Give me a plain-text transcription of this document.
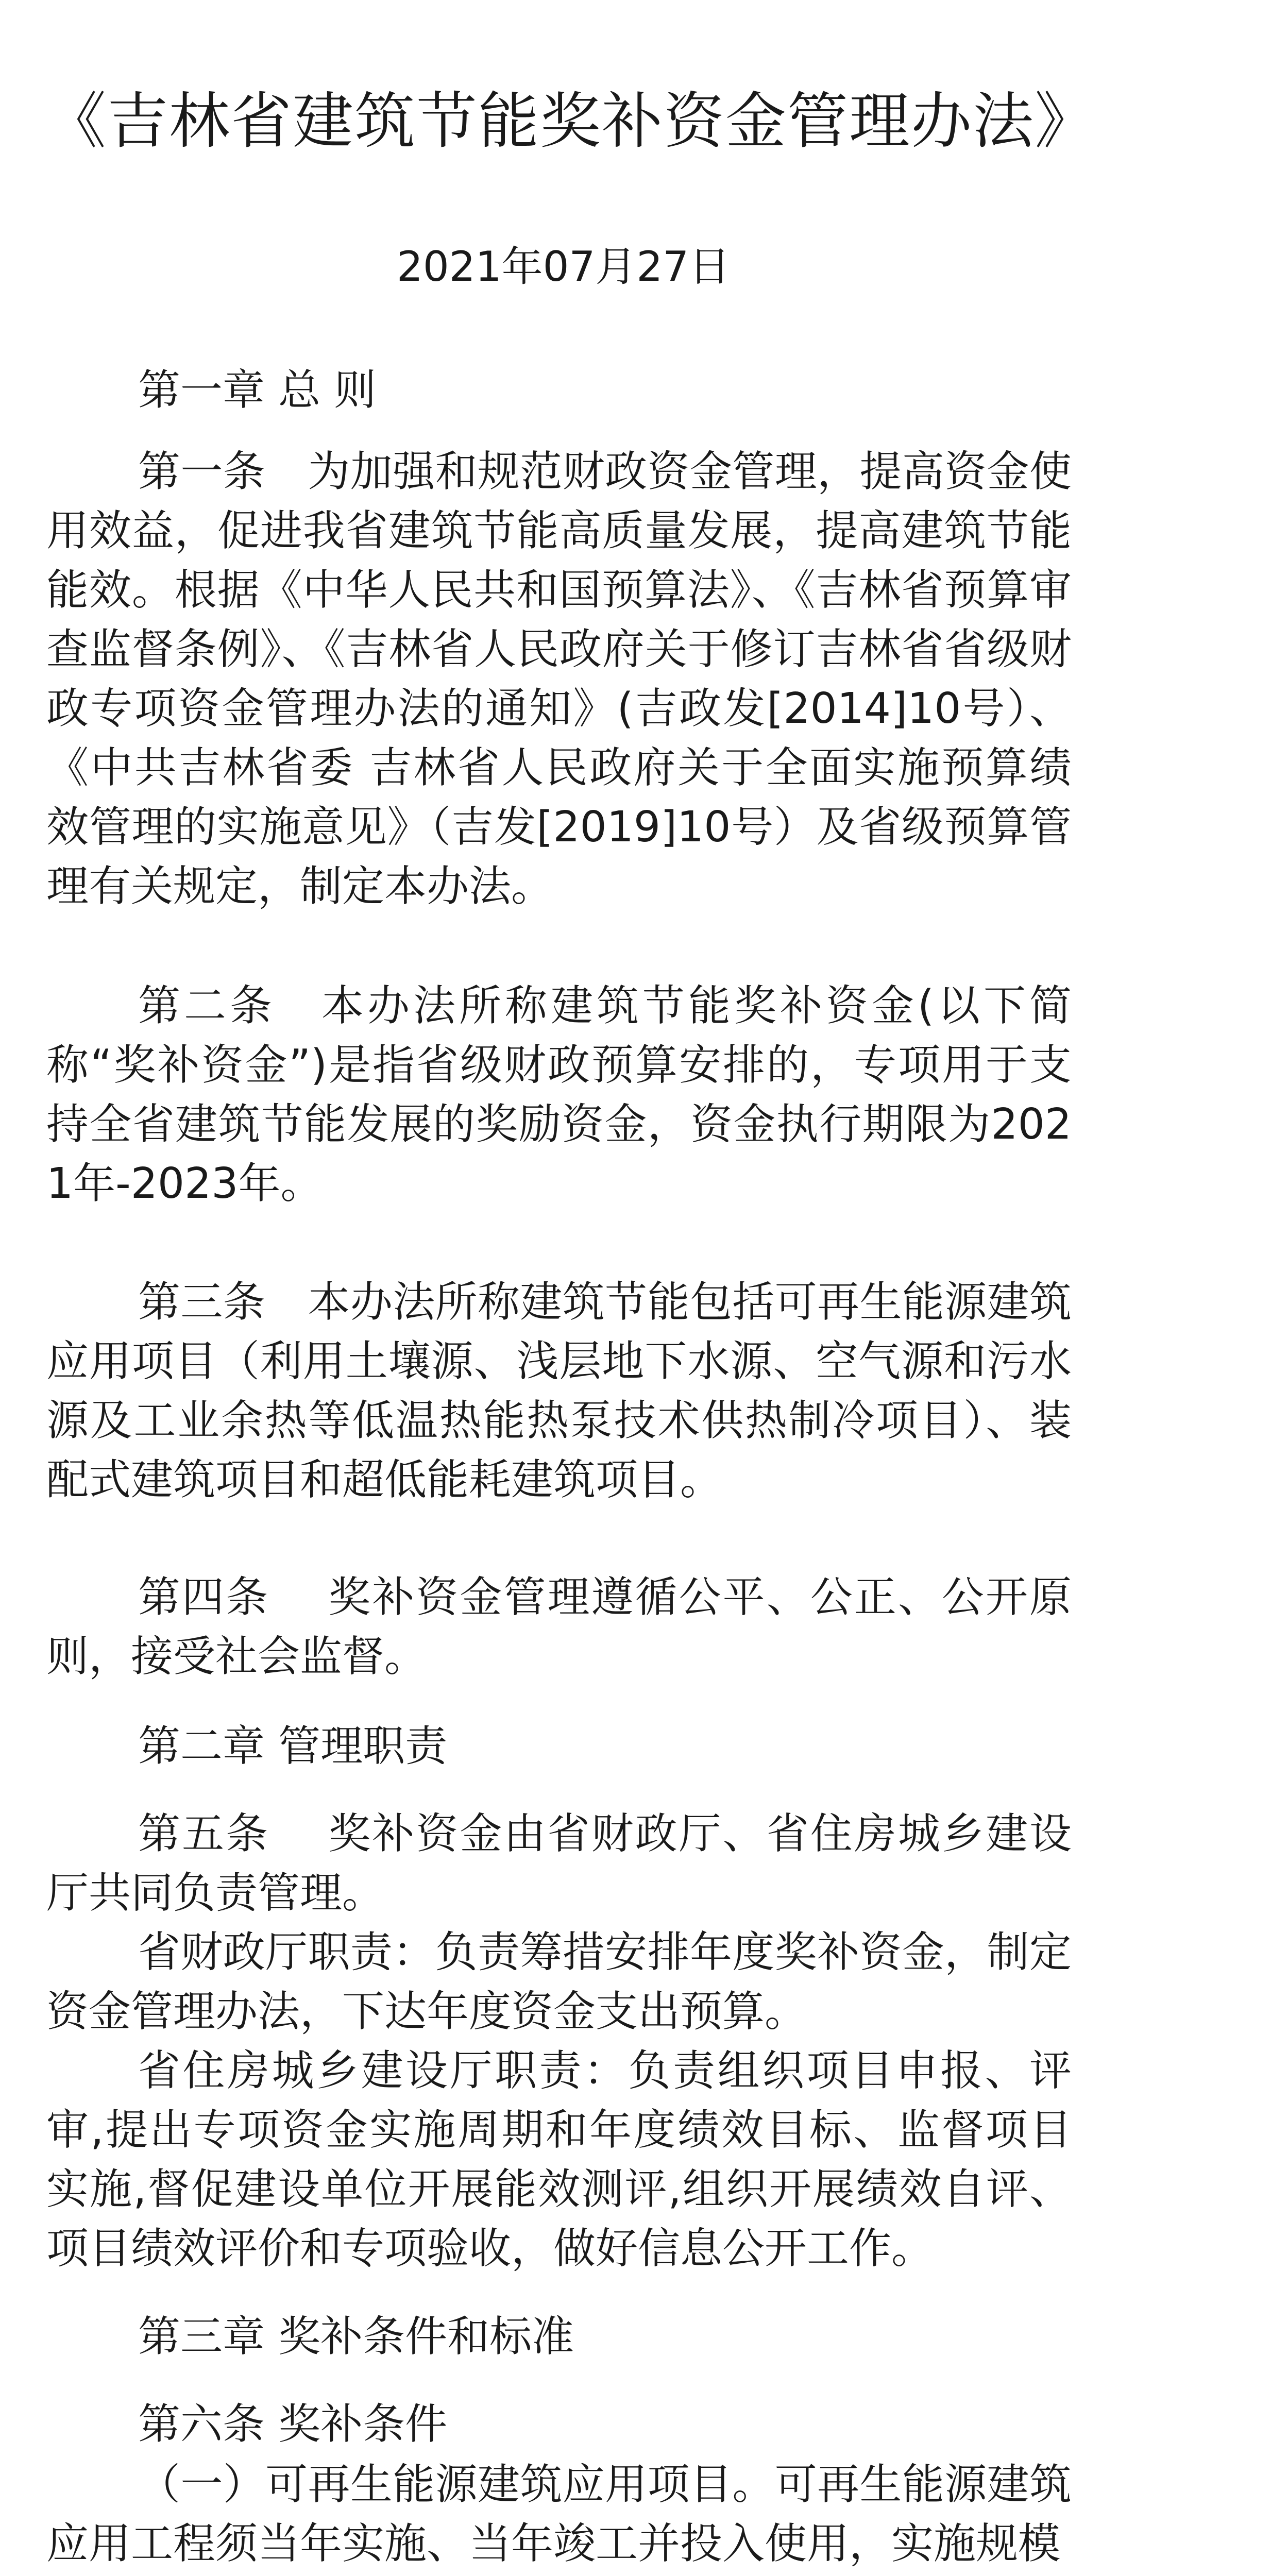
《吉林省建筑节能奖补资金管理办法》
2021年07月27日
第一章 总 则
第一条　为加强和规范财政资金管理，提高资金使用效益，促进我省建筑节能高质量发展，提高建筑节能能效。根据《中华人民共和国预算法》、《吉林省预算审查监督条例》、《吉林省人民政府关于修订吉林省省级财政专项资金管理办法的通知》(吉政发[2014]10号）、《中共吉林省委 吉林省人民政府关于全面实施预算绩效管理的实施意见》（吉发[2019]10号）及省级预算管理有关规定，制定本办法。
第二条　本办法所称建筑节能奖补资金(以下简称“奖补资金”)是指省级财政预算安排的，专项用于支持全省建筑节能发展的奖励资金，资金执行期限为2021年-2023年。
第三条　本办法所称建筑节能包括可再生能源建筑应用项目（利用土壤源、浅层地下水源、空气源和污水源及工业余热等低温热能热泵技术供热制冷项目）、装配式建筑项目和超低能耗建筑项目。
第四条　 奖补资金管理遵循公平、公正、公开原则，接受社会监督。
第二章 管理职责
第五条　 奖补资金由省财政厅、省住房城乡建设厅共同负责管理。
省财政厅职责：负责筹措安排年度奖补资金，制定资金管理办法，下达年度资金支出预算。
省住房城乡建设厅职责：负责组织项目申报、评审,提出专项资金实施周期和年度绩效目标、监督项目实施,督促建设单位开展能效测评,组织开展绩效自评、项目绩效评价和专项验收，做好信息公开工作。
第三章 奖补条件和标准
第六条 奖补条件
（一）可再生能源建筑应用项目。可再生能源建筑应用工程须当年实施、当年竣工并投入使用，实施规模
